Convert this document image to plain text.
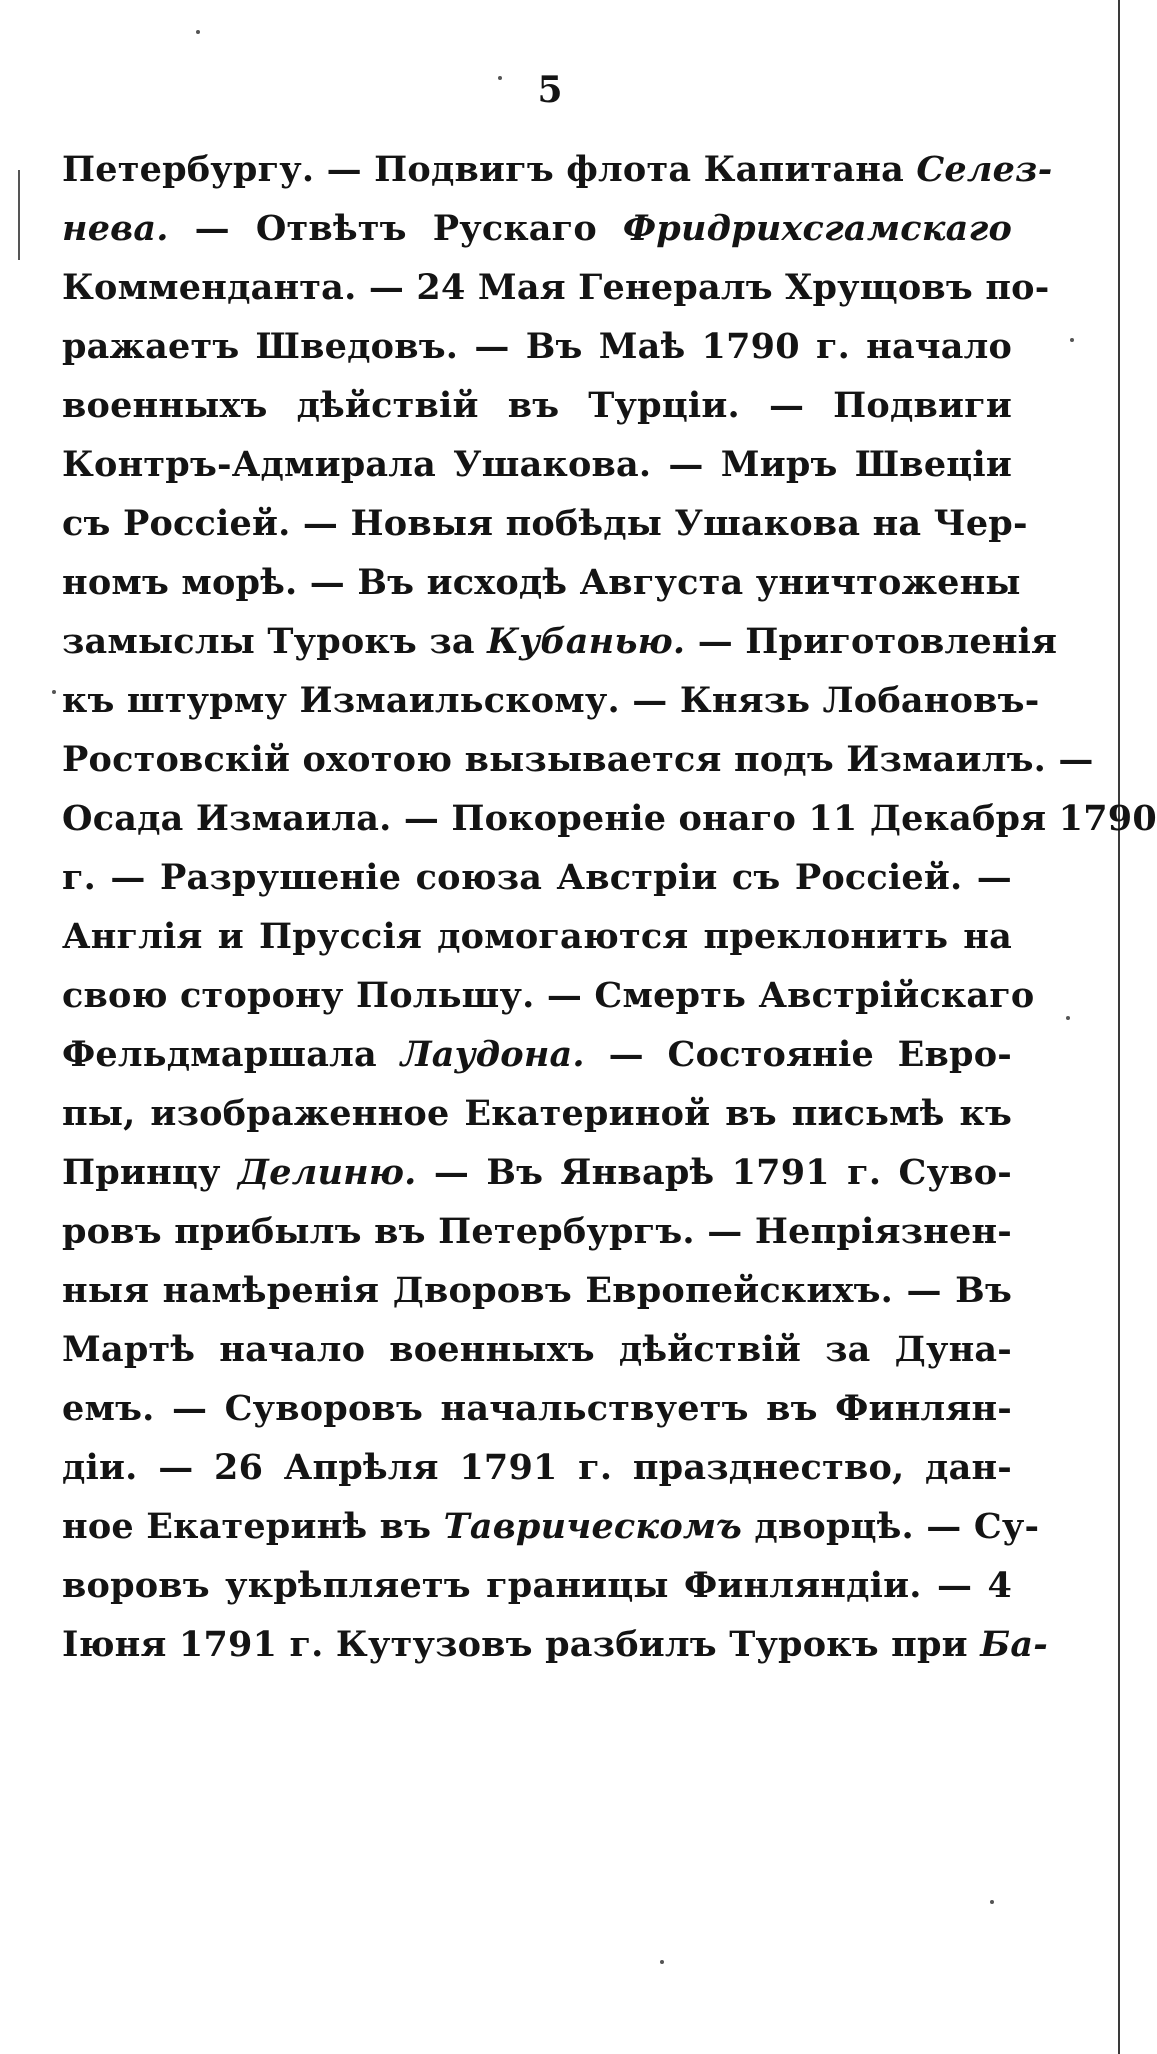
5
Петербургу. — Подвигъ флота Капитана Селез-
нева. — Отвѣтъ Рускаго Фридрихсгамскаго
Коммендантa. — 24 Мая Генералъ Хрущовъ по-
ражаетъ Шведовъ. — Въ Маѣ 1790 г. начало
военныхъ дѣйствій въ Турціи. — Подвиги
Контръ-Адмирала Ушакова. — Миръ Швеціи
съ Россіей. — Новыя побѣды Ушакова на Чер-
номъ морѣ. — Въ исходѣ Августа уничтожены
замыслы Турокъ за Кубанью. — Приготовленія
къ штурму Измаильскому. — Князь Лобановъ-
Ростовскій охотою вызывается подъ Измаилъ. —
Осада Измаила. — Покореніе онаго 11 Декабря 1790
г. — Разрушеніе союза Австріи съ Россіей. —
Англія и Пруссія домогаются преклонить на
свою сторону Польшу. — Смерть Австрійскаго
Фельдмаршала Лаудона. — Состояніе Евро-
пы, изображенное Екатериной въ письмѣ къ
Принцу Делиню. — Въ Январѣ 1791 г. Суво-
ровъ прибылъ въ Петербургъ. — Непріязнен-
ныя намѣренія Дворовъ Европейскихъ. — Въ
Мартѣ начало военныхъ дѣйствій за Дуна-
емъ. — Суворовъ начальствуетъ въ Финлян-
діи. — 26 Апрѣля 1791 г. празднество, дан-
ное Екатеринѣ въ Таврическомъ дворцѣ. — Су-
воровъ укрѣпляетъ границы Финляндіи. — 4
Іюня 1791 г. Кутузовъ разбилъ Турокъ при Ба-
